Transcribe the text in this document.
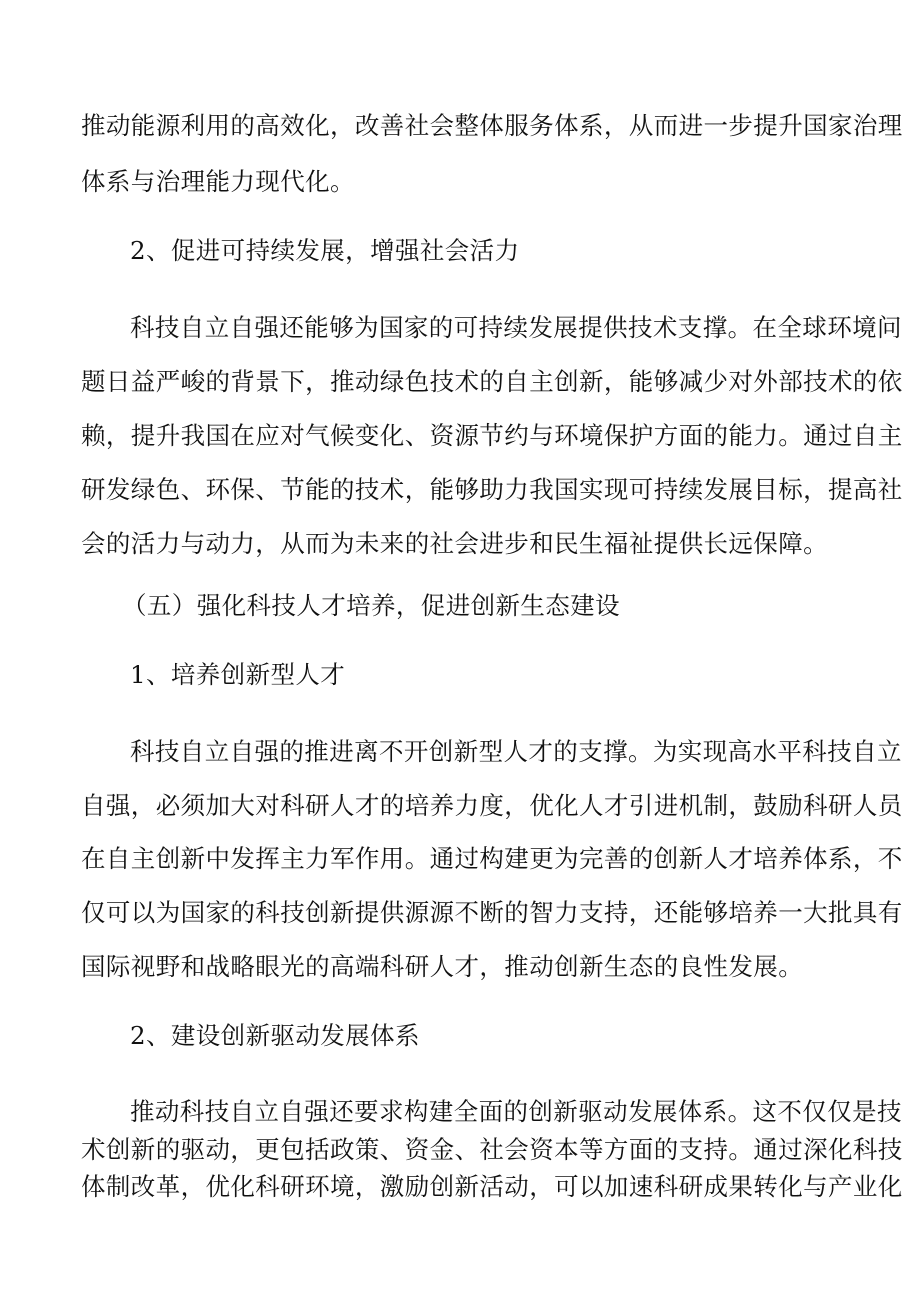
推动能源利用的高效化，改善社会整体服务体系，从而进一步提升国家治理
体系与治理能力现代化。
2、促进可持续发展，增强社会活力
科技自立自强还能够为国家的可持续发展提供技术支撑。在全球环境问
题日益严峻的背景下，推动绿色技术的自主创新，能够减少对外部技术的依
赖，提升我国在应对气候变化、资源节约与环境保护方面的能力。通过自主
研发绿色、环保、节能的技术，能够助力我国实现可持续发展目标，提高社
会的活力与动力，从而为未来的社会进步和民生福祉提供长远保障。
（五）强化科技人才培养，促进创新生态建设
1、培养创新型人才
科技自立自强的推进离不开创新型人才的支撑。为实现高水平科技自立
自强，必须加大对科研人才的培养力度，优化人才引进机制，鼓励科研人员
在自主创新中发挥主力军作用。通过构建更为完善的创新人才培养体系，不
仅可以为国家的科技创新提供源源不断的智力支持，还能够培养一大批具有
国际视野和战略眼光的高端科研人才，推动创新生态的良性发展。
2、建设创新驱动发展体系
推动科技自立自强还要求构建全面的创新驱动发展体系。这不仅仅是技
术创新的驱动，更包括政策、资金、社会资本等方面的支持。通过深化科技
体制改革，优化科研环境，激励创新活动，可以加速科研成果转化与产业化
